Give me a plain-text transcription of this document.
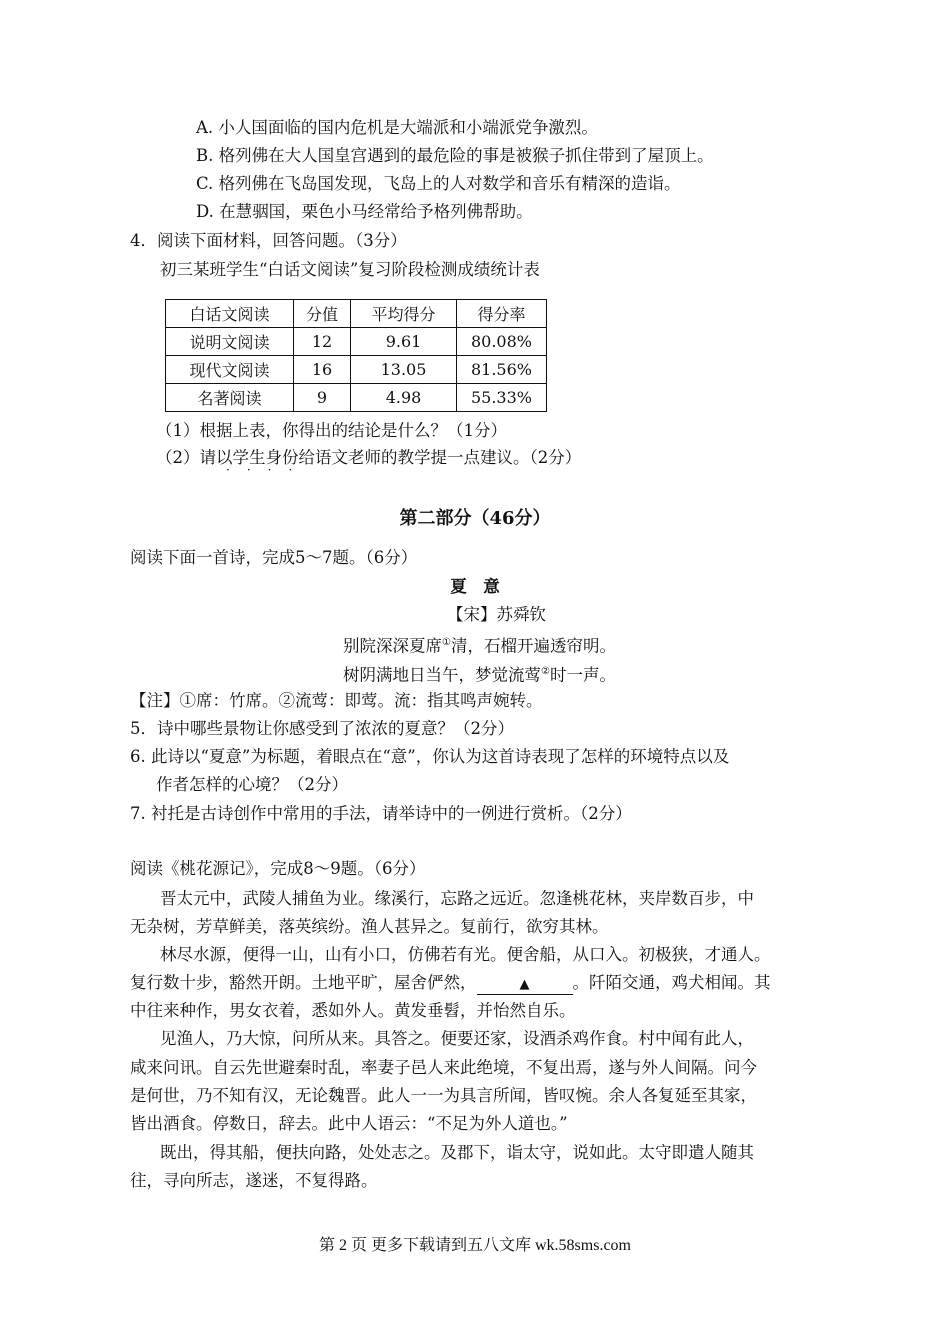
A. 小人国面临的国内危机是大端派和小端派党争激烈。
B. 格列佛在大人国皇宫遇到的最危险的事是被猴子抓住带到了屋顶上。
C. 格列佛在飞岛国发现，飞岛上的人对数学和音乐有精深的造诣。
D. 在慧骃国，栗色小马经常给予格列佛帮助。
4．阅读下面材料，回答问题。（3分）
初三某班学生“白话文阅读”复习阶段检测成绩统计表
白话文阅读	分值	平均得分	得分率
说明文阅读	12	9.61	80.08%
现代文阅读	16	13.05	81.56%
名著阅读	9	4.98	55.33%
（1）根据上表，你得出的结论是什么？（1分）
（2）请以学生身份给语文老师的教学提一点建议。（2分）
····
第二部分（46分）
阅读下面一首诗，完成5～7题。（6分）
夏　意
【宋】苏舜钦
别院深深夏席①清，石榴开遍透帘明。
树阴满地日当午，梦觉流莺②时一声。
【注】①席：竹席。②流莺：即莺。流：指其鸣声婉转。
5．诗中哪些景物让你感受到了浓浓的夏意？（2分）
6. 此诗以“夏意”为标题，着眼点在“意”，你认为这首诗表现了怎样的环境特点以及
作者怎样的心境？（2分）
7. 衬托是古诗创作中常用的手法，请举诗中的一例进行赏析。（2分）
阅读《桃花源记》，完成8～9题。（6分）
晋太元中，武陵人捕鱼为业。缘溪行，忘路之远近。忽逢桃花林，夹岸数百步，中
无杂树，芳草鲜美，落英缤纷。渔人甚异之。复前行，欲穷其林。
林尽水源，便得一山，山有小口，仿佛若有光。便舍船，从口入。初极狭，才通人。
复行数十步，豁然开朗。土地平旷，屋舍俨然，	▲	。阡陌交通，鸡犬相闻。其
中往来种作，男女衣着，悉如外人。黄发垂髫，并怡然自乐。
见渔人，乃大惊，问所从来。具答之。便要还家，设酒杀鸡作食。村中闻有此人，
咸来问讯。自云先世避秦时乱，率妻子邑人来此绝境，不复出焉，遂与外人间隔。问今
是何世，乃不知有汉，无论魏晋。此人一一为具言所闻，皆叹惋。余人各复延至其家，
皆出酒食。停数日，辞去。此中人语云：“不足为外人道也。”
既出，得其船，便扶向路，处处志之。及郡下，诣太守，说如此。太守即遣人随其
往，寻向所志，遂迷，不复得路。
第 2 页 更多下载请到五八文库 wk.58sms.com
